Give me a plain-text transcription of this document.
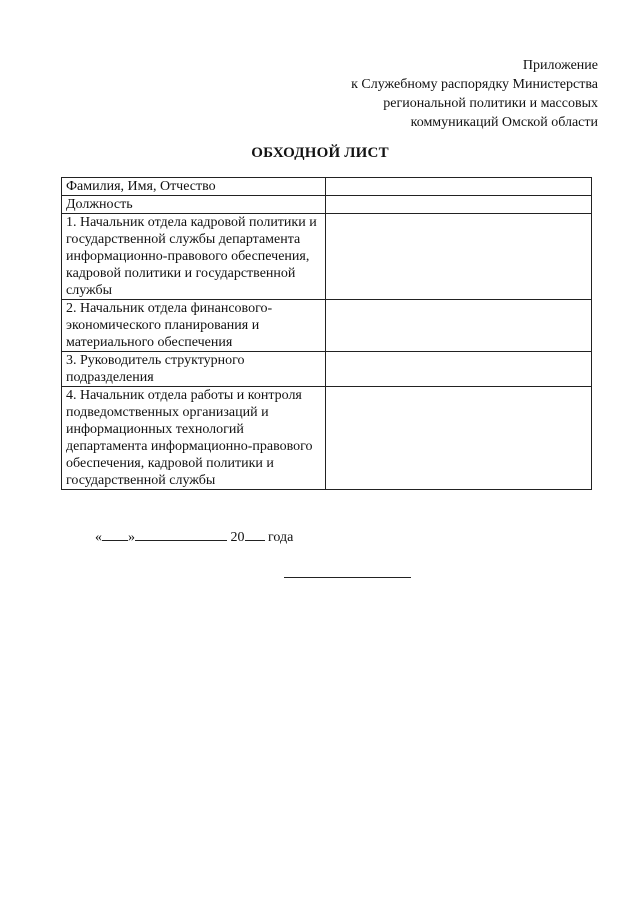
Приложение
к Служебному распорядку Министерства
региональной политики и массовых
коммуникаций Омской области
ОБХОДНОЙ ЛИСТ
Фамилия, Имя, Отчество	
Должность	
1. Начальник отдела кадровой политики и государственной службы департамента информационно-правового обеспечения, кадровой политики и государственной службы	
2. Начальник отдела финансового-экономического планирования и материального обеспечения	
3. Руководитель структурного подразделения	
4. Начальник отдела работы и контроля подведомственных организаций и информационных технологий департамента информационно-правового обеспечения, кадровой политики и государственной службы	
« »	20 года
